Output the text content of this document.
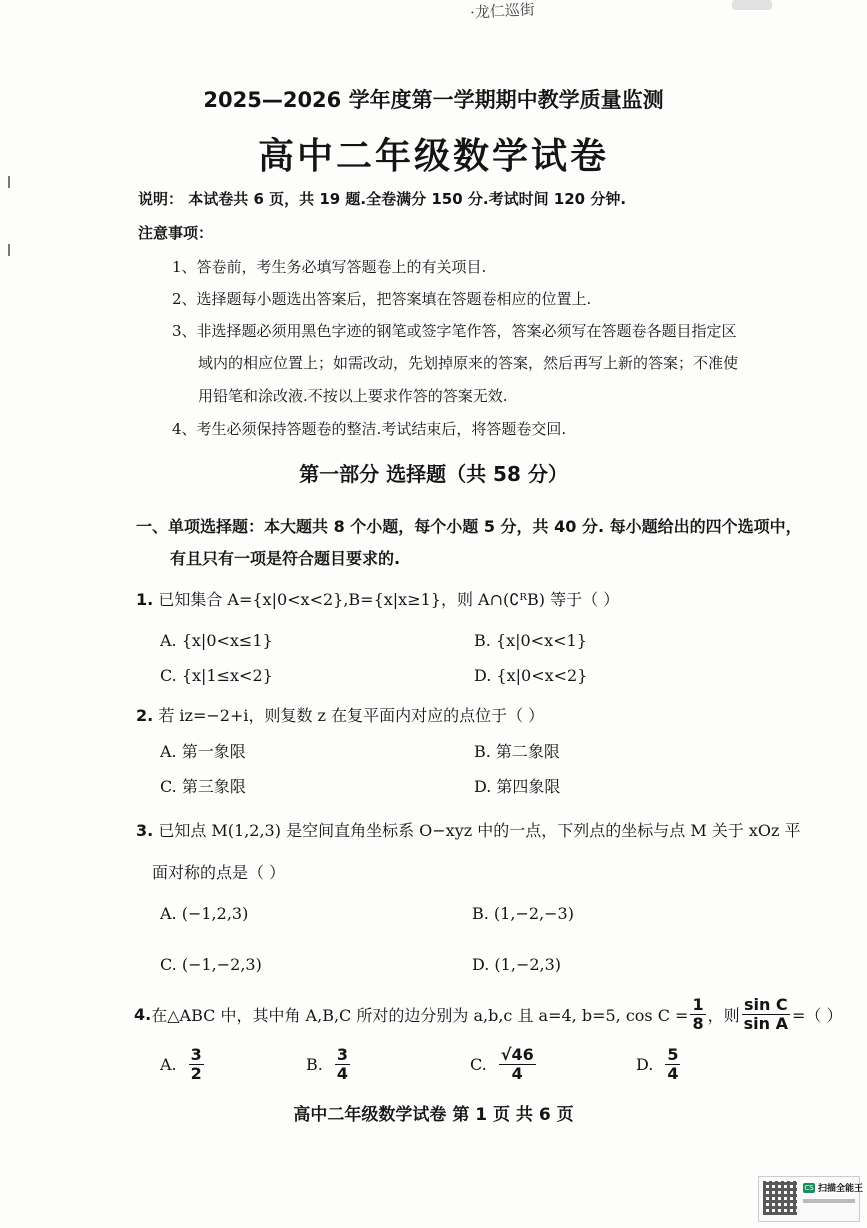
·龙仁巡街
2025—2026 学年度第一学期期中教学质量监测
高中二年级数学试卷
说明： 本试卷共 6 页，共 19 题.全卷满分 150 分.考试时间 120 分钟.
注意事项：
1、答卷前，考生务必填写答题卷上的有关项目.
2、选择题每小题选出答案后，把答案填在答题卷相应的位置上.
3、非选择题必须用黑色字迹的钢笔或签字笔作答，答案必须写在答题卷各题目指定区
域内的相应位置上；如需改动，先划掉原来的答案，然后再写上新的答案；不准使
用铅笔和涂改液.不按以上要求作答的答案无效.
4、考生必须保持答题卷的整洁.考试结束后，将答题卷交回.
第一部分 选择题（共 58 分）
一、单项选择题：本大题共 8 个小题，每个小题 5 分，共 40 分. 每小题给出的四个选项中，
有且只有一项是符合题目要求的.
1. 已知集合 A={x|0<x<2},B={x|x≥1}，则 A∩(∁ᴿB) 等于（ ）
A. {x|0<x≤1}	B. {x|0<x<1}
C. {x|1≤x<2}	D. {x|0<x<2}
2. 若 iz=−2+i，则复数 z 在复平面内对应的点位于（ ）
A. 第一象限	B. 第二象限
C. 第三象限	D. 第四象限
3. 已知点 M(1,2,3) 是空间直角坐标系 O−xyz 中的一点，下列点的坐标与点 M 关于 xOz 平
面对称的点是（ ）
A. (−1,2,3)	B. (1,−2,−3)
C. (−1,−2,3)	D. (1,−2,3)
4. 在△ABC 中，其中角 A,B,C 所对的边分别为 a,b,c 且 a=4, b=5, $\cos C = \frac{1}{8}$ ，则 $\frac{\text{sin C}}{\text{sin A}}$ =（ ）
A. $\frac{3}{2}$	B. $\frac{3}{4}$	C. $\frac{√46}{4}$	D. $\frac{5}{4}$
高中二年级数学试卷 第 1 页 共 6 页
CS 扫描全能王
